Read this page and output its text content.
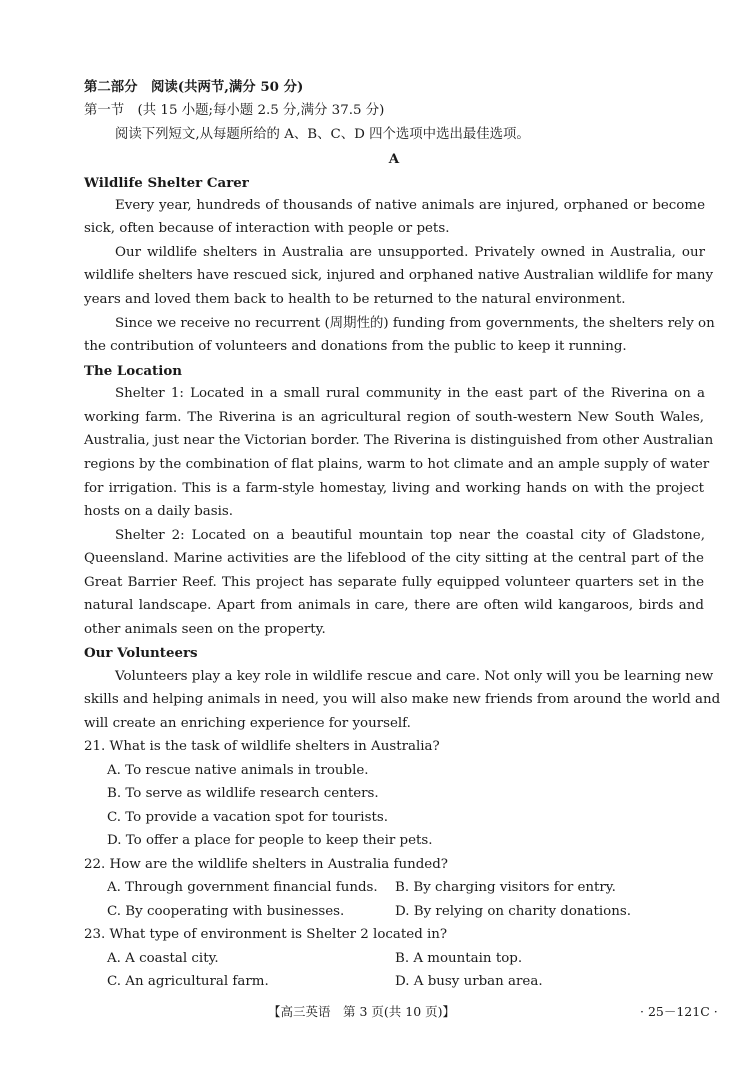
第二部分　阅读(共两节,满分 50 分)
第一节　(共 15 小题;每小题 2.5 分,满分 37.5 分)
阅读下列短文,从每题所给的 A、B、C、D 四个选项中选出最佳选项。
A
Wildlife Shelter Carer
Every year, hundreds of thousands of native animals are injured, orphaned or become
sick, often because of interaction with people or pets.
Our wildlife shelters in Australia are unsupported. Privately owned in Australia, our
wildlife shelters have rescued sick, injured and orphaned native Australian wildlife for many
years and loved them back to health to be returned to the natural environment.
Since we receive no recurrent (周期性的) funding from governments, the shelters rely on
the contribution of volunteers and donations from the public to keep it running.
The Location
Shelter 1: Located in a small rural community in the east part of the Riverina on a
working farm. The Riverina is an agricultural region of south-western New South Wales,
Australia, just near the Victorian border. The Riverina is distinguished from other Australian
regions by the combination of flat plains, warm to hot climate and an ample supply of water
for irrigation. This is a farm-style homestay, living and working hands on with the project
hosts on a daily basis.
Shelter 2: Located on a beautiful mountain top near the coastal city of Gladstone,
Queensland. Marine activities are the lifeblood of the city sitting at the central part of the
Great Barrier Reef. This project has separate fully equipped volunteer quarters set in the
natural landscape. Apart from animals in care, there are often wild kangaroos, birds and
other animals seen on the property.
Our Volunteers
Volunteers play a key role in wildlife rescue and care. Not only will you be learning new
skills and helping animals in need, you will also make new friends from around the world and
will create an enriching experience for yourself.
21. What is the task of wildlife shelters in Australia?
A. To rescue native animals in trouble.
B. To serve as wildlife research centers.
C. To provide a vacation spot for tourists.
D. To offer a place for people to keep their pets.
22. How are the wildlife shelters in Australia funded?
A. Through government financial funds. B. By charging visitors for entry.
C. By cooperating with businesses.	D. By relying on charity donations.
23. What type of environment is Shelter 2 located in?
A. A coastal city.	B. A mountain top.
C. An agricultural farm.	D. A busy urban area.
【高三英语　第 3 页(共 10 页)】	· 25－121C ·
